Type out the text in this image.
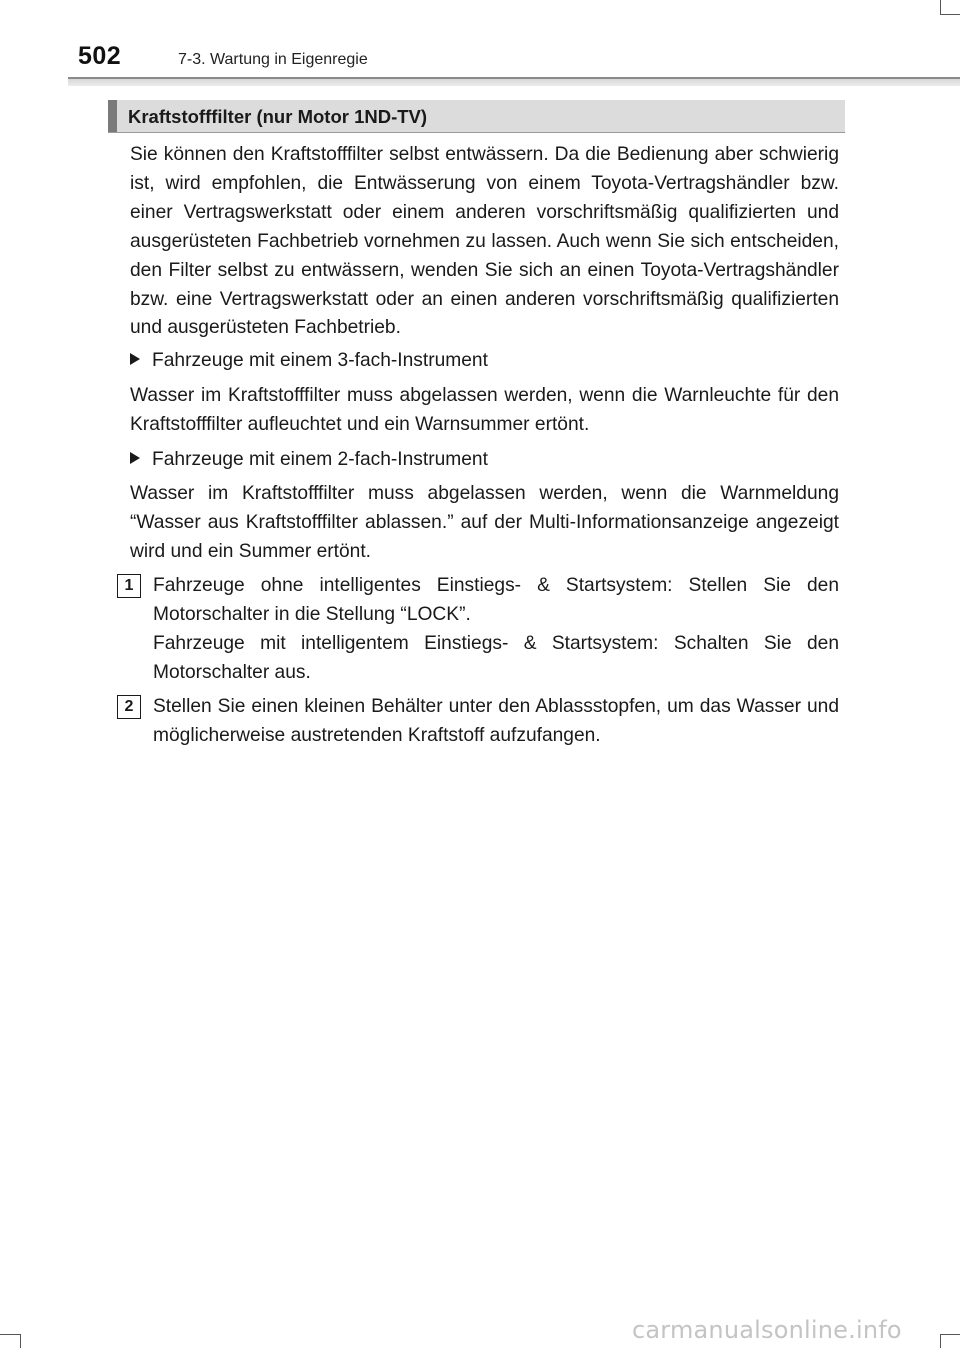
502	7-3. Wartung in Eigenregie
Kraftstofffilter (nur Motor 1ND-TV)

Sie können den Kraftstofffilter selbst entwässern. Da die Bedienung aber schwierig ist, wird empfohlen, die Entwässerung von einem Toyota-Vertragshändler bzw. einer Vertragswerkstatt oder einem anderen vorschriftsmäßig qualifizierten und ausgerüsteten Fachbetrieb vornehmen zu lassen. Auch wenn Sie sich entscheiden, den Filter selbst zu entwässern, wenden Sie sich an einen Toyota-Vertragshändler bzw. eine Vertragswerkstatt oder an einen anderen vorschriftsmäßig qualifizierten und ausgerüsteten Fachbetrieb.

Fahrzeuge mit einem 3-fach-Instrument

Wasser im Kraftstofffilter muss abgelassen werden, wenn die Warnleuchte für den Kraftstofffilter aufleuchtet und ein Warnsummer ertönt.

Fahrzeuge mit einem 2-fach-Instrument

Wasser im Kraftstofffilter muss abgelassen werden, wenn die Warnmeldung “Wasser aus Kraftstofffilter ablassen.” auf der Multi-Informationsanzeige angezeigt wird und ein Summer ertönt.

1	Fahrzeuge ohne intelligentes Einstiegs- & Startsystem: Stellen Sie den Motorschalter in die Stellung “LOCK”.

Fahrzeuge mit intelligentem Einstiegs- & Startsystem: Schalten Sie den Motorschalter aus.

2	Stellen Sie einen kleinen Behälter unter den Ablassstopfen, um das Wasser und möglicherweise austretenden Kraftstoff aufzufangen.

carmanualsonline.info
